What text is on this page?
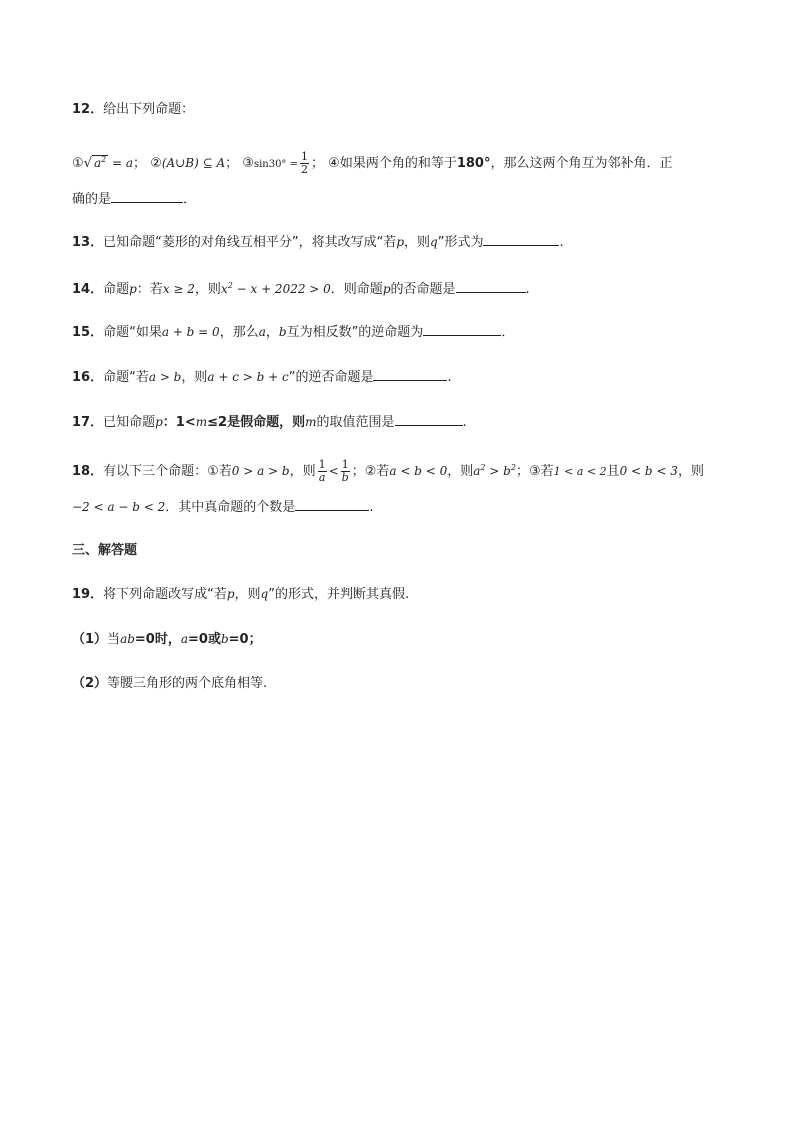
12．给出下列命题：
①√ $a^2 = a$； ②(A∪B) ⊆ A； ③sin30° = $\frac{1}{2}$ ； ④如果两个角的和等于180°，那么这两个角互为邻补角．正
确的是	．
13．已知命题“菱形的对角线互相平分”，将其改写成“若p，则q”形式为	.
14．命题p：若x ≥ 2，则$x^2 - x + 2022 > 0$．则命题p的否命题是	.
15．命题“如果a + b = 0，那么a，b互为相反数”的逆命题为	．
16．命题“若a > b，则a + c > b + c”的逆否命题是	.
17．已知命题p：1<m≤2是假命题，则m的取值范围是	.
18．有以下三个命题：①若0 > a > b，则 $\frac{1}{a} < \frac{1}{b}$ ；②若a < b < 0，则$a^2 > b^2$；③若1 < a < 2且0 < b < 3，则
−2 < a − b < 2．其中真命题的个数是	.
三、解答题
19．将下列命题改写成“若p，则q”的形式，并判断其真假.
（1）当ab=0时，a=0或b=0；
（2）等腰三角形的两个底角相等.
